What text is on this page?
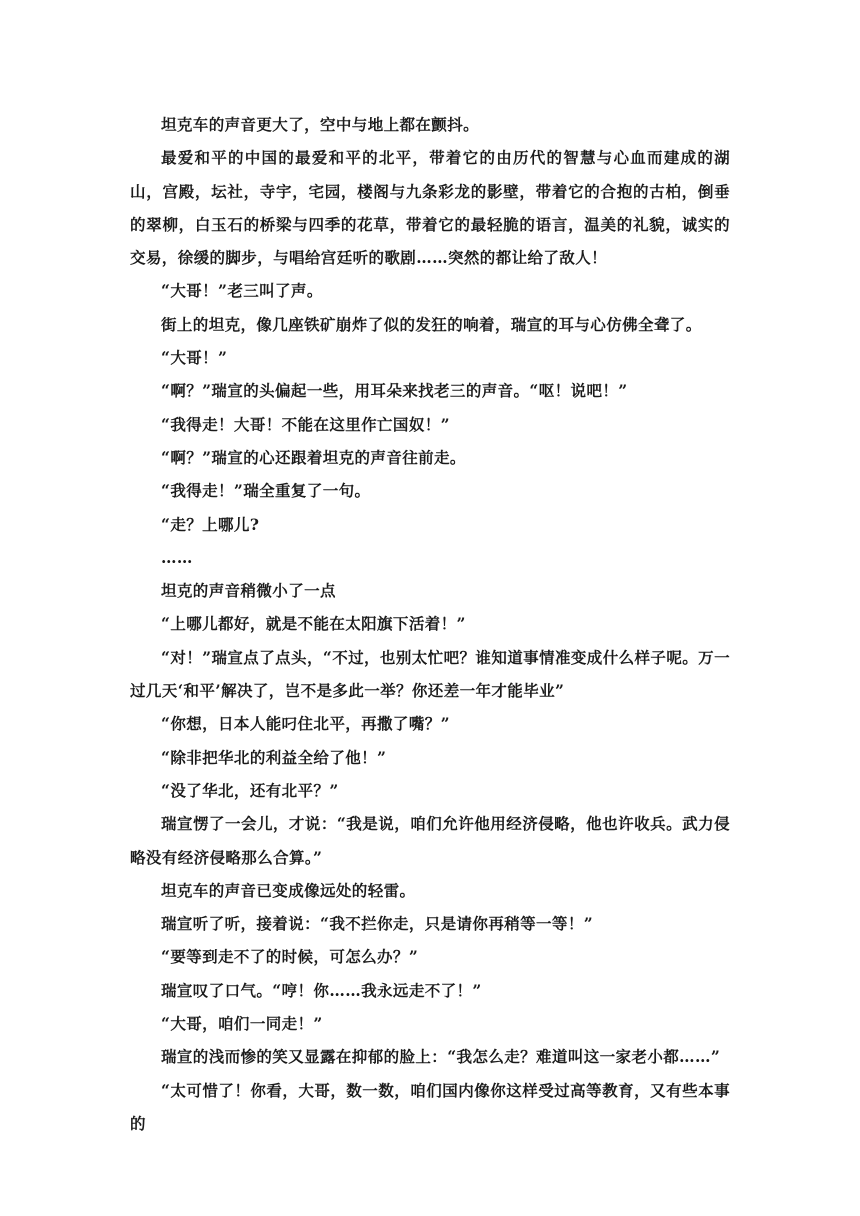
坦克车的声音更大了，空中与地上都在颤抖。

最爱和平的中国的最爱和平的北平，带着它的由历代的智慧与心血而建成的湖山，宫殿，坛社，寺宇，宅园，楼阁与九条彩龙的影壁，带着它的合抱的古柏，倒垂的翠柳，白玉石的桥梁与四季的花草，带着它的最轻脆的语言，温美的礼貌，诚实的交易，徐缓的脚步，与唱给宫廷听的歌剧……突然的都让给了敌人！

“大哥！”老三叫了声。

街上的坦克，像几座铁矿崩炸了似的发狂的响着，瑞宣的耳与心仿佛全聋了。

“大哥！”

“啊？”瑞宣的头偏起一些，用耳朵来找老三的声音。“呕！说吧！”

“我得走！大哥！不能在这里作亡国奴！”

“啊？”瑞宣的心还跟着坦克的声音往前走。

“我得走！”瑞全重复了一句。

“走？上哪儿?

……

坦克的声音稍微小了一点

“上哪儿都好，就是不能在太阳旗下活着！”

“对！”瑞宣点了点头，“不过，也别太忙吧？谁知道事情准变成什么样子呢。万一过几天‘和平’解决了，岂不是多此一举？你还差一年才能毕业”

“你想，日本人能叼住北平，再撒了嘴？”

“除非把华北的利益全给了他！”

“没了华北，还有北平？”

瑞宣愣了一会儿，才说：“我是说，咱们允许他用经济侵略，他也许收兵。武力侵略没有经济侵略那么合算。”

坦克车的声音已变成像远处的轻雷。

瑞宣听了听，接着说：“我不拦你走，只是请你再稍等一等！”

“要等到走不了的时候，可怎么办？”

瑞宣叹了口气。“哼！你……我永远走不了！”

“大哥，咱们一同走！”

瑞宣的浅而惨的笑又显露在抑郁的脸上：“我怎么走？难道叫这一家老小都……”

“太可惜了！你看，大哥，数一数，咱们国内像你这样受过高等教育，又有些本事的
